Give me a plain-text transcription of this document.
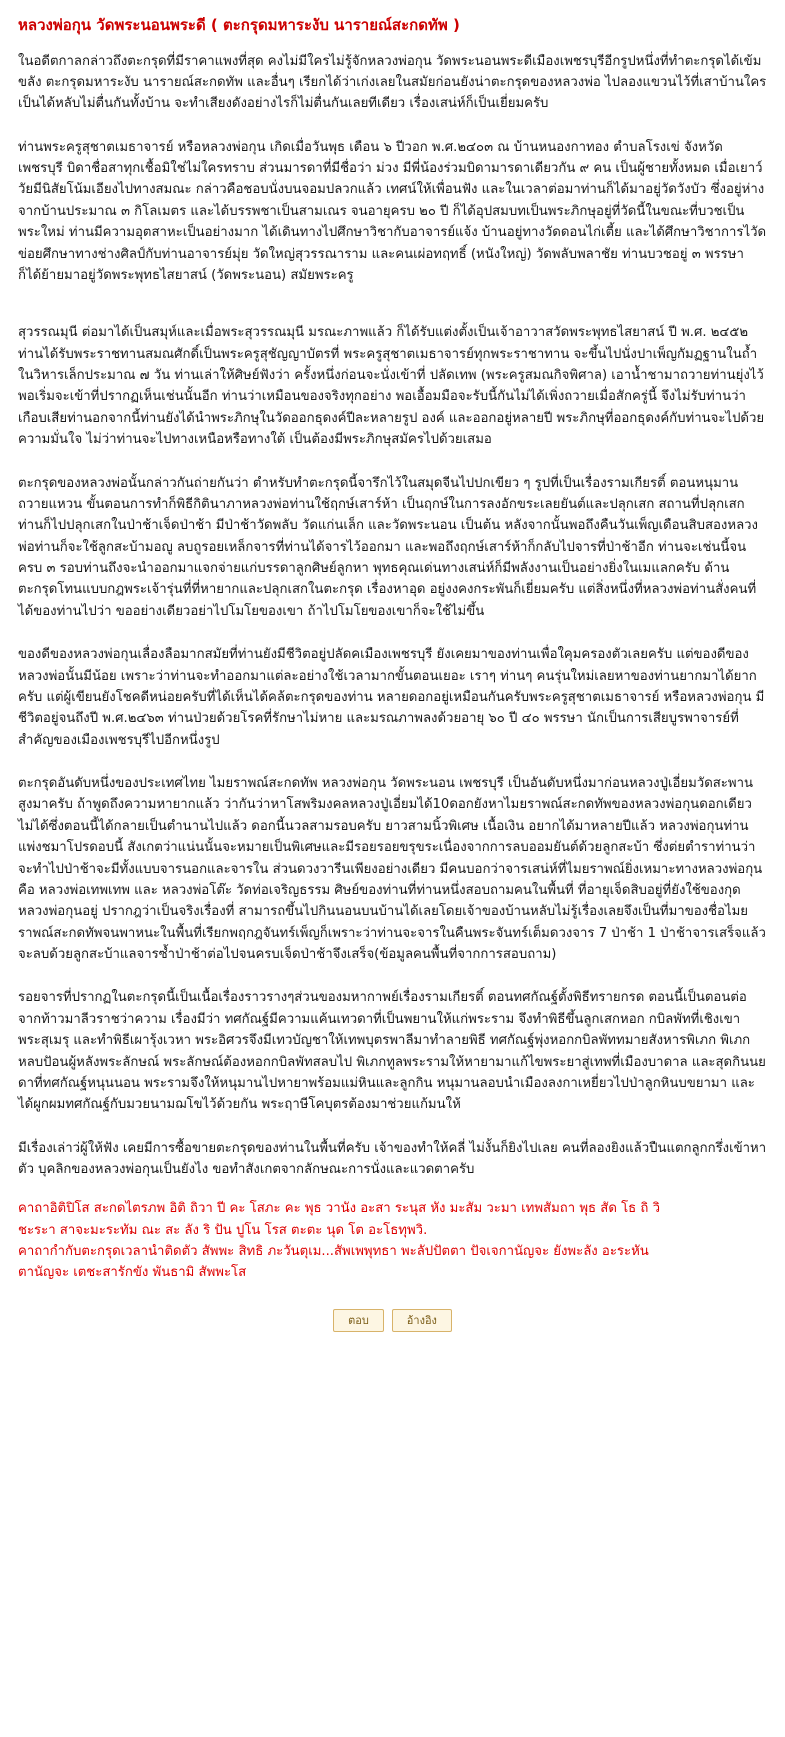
หลวงพ่อกุน วัดพระนอนพระดี ( ตะกรุดมหาระงับ นารายณ์สะกดทัพ )

ในอดีตกาลกล่าวถึงตะกรุดที่มีราคาแพงที่สุด คงไม่มีใครไม่รู้จักหลวงพ่อกุน วัดพระนอนพระดีเมืองเพชรบุรีอีกรูปหนึ่งที่ทำตะกรุดได้เข้มขลัง ตะกรุดมหาระงับ นารายณ์สะกดทัพ และอื่นๆ เรียกได้ว่าเก่งเลยในสมัยก่อนยังน่าตะกรุดของหลวงพ่อ ไปลองแขวนไว้ที่เสาบ้านใครเป็นได้หลับไม่ตื่นกันทั้งบ้าน จะทำเสียงดังอย่างไรก็ไม่ตื่นกันเลยทีเดียว เรื่องเสน่ห์ก็เป็นเยี่ยมครับ

ท่านพระครูสุชาตเมธาจารย์ หรือหลวงพ่อกุน เกิดเมื่อวันพุธ เดือน ๖ ปีวอก พ.ศ.๒๔๐๓ ณ บ้านหนองกาทอง ตำบลโรงเข่ จังหวัดเพชรบุรี บิดาชื่อสาทุกเชื้อมิใช่ไม่ใครทราบ ส่วนมารดาที่มีชื่อว่า ม่วง มีพี่น้องร่วมบิดามารดาเดียวกัน ๙ คน เป็นผู้ชายทั้งหมด เมื่อเยาว์วัยมีนิสัยโน้มเอียงไปทางสมณะ กล่าวคือชอบนั่งบนจอมปลวกแล้ว เทศน์ให้เพื่อนฟัง และในเวลาต่อมาท่านก็ได้มาอยู่วัดวังบัว ซึ่งอยู่ห่างจากบ้านประมาณ ๓ กิโลเมตร และได้บรรพชาเป็นสามเณร จนอายุครบ ๒๐ ปี ก็ได้อุปสมบทเป็นพระภิกษุอยู่ที่วัดนี้ในขณะที่บวชเป็นพระใหม่ ท่านมีความอุตสาหะเป็นอย่างมาก ได้เดินทางไปศึกษาวิชากับอาจารย์แจ้ง บ้านอยู่ทางวัดดอนไก่เตี้ย และได้ศึกษาวิชาการไวัดข่อยศึกษาทางช่างศิลป์กับท่านอาจารย์มุ่ย วัดใหญ่สุวรรณาราม และคนเผ่อทฤทธิ์ (หนังใหญ่) วัดพลับพลาชัย ท่านบวชอยู่ ๓ พรรษา ก็ได้ย้ายมาอยู่วัดพระพุทธไสยาสน์ (วัดพระนอน) สมัยพระครู

สุวรรณมุนี ต่อมาได้เป็นสมุห์และเมื่อพระสุวรรณมุนี มรณะภาพแล้ว ก็ได้รับแต่งตั้งเป็นเจ้าอาวาสวัดพระพุทธไสยาสน์ ปี พ.ศ. ๒๔๕๒ ท่านได้รับพระราชทานสมณศักดิ์เป็นพระครูสุชัญญาบัตรที่ พระครูสุชาตเมธาจารย์ทุกพระราชาทาน จะขึ้นไปนั่งปาเพ็ญกัมฏฐานในถ้ำ ในวิหารเล็กประมาณ ๗ วัน ท่านเล่าให้ศิษย์ฟังว่า ครั้งหนึ่งก่อนจะนั่งเข้าที่ ปลัดเทพ (พระครูสมณกิจพิศาล) เอาน้ำชามาถวายท่านยุ่งไว้ พอเริ่มจะเข้าที่ปรากฏเห็นเช่นนั้นอีก ท่านว่าเหมือนของจริงทุกอย่าง พอเอื้อมมือจะรับนี้กันไม่ได้เพิ่งถวายเมื่อสักครู่นี้ จึงไม่รับท่านว่าเกือบเสียท่านอกจากนี้ท่านยังได้นำพระภิกษุในวัดออกธุดงค์ปีละหลายรูป องค์ และออกอยู่หลายปี พระภิกษุที่ออกธุดงค์กับท่านจะไปด้วยความมั่นใจ ไม่ว่าท่านจะไปทางเหนือหรือทางใต้ เป็นต้องมีพระภิกษุสมัครไปด้วยเสมอ

ตะกรุดของหลวงพ่อนั้นกล่าวกันถ่ายกันว่า ตำหรับทำตะกรุดนี้จารึกไว้ในสมุดจีนไปปกเขียว ๆ รูปที่เป็นเรื่องรามเกียรติ์ ตอนหนุมานถวายแหวน ขั้นตอนการทำก็พิธีกิตินาภาหลวงพ่อท่านใช้ฤกษ์เสาร์ห้า เป็นฤกษ์ในการลงอักขระเลยยันต์และปลุกเสก สถานที่ปลุกเสกท่านก็ไปปลุกเสกในป่าช้าเจ็ดป่าช้า มีป่าช้าวัดพลับ วัดแก่นเล็ก และวัดพระนอน เป็นต้น หลังจากนั้นพอถึงคืนวันเพ็ญเดือนสิบสองหลวงพ่อท่านก็จะใช้ลูกสะบ้ามอญู ลบถูรอยเหล็กจารที่ท่านได้จารไว้ออกมา และพอถึงฤกษ์เสาร์ห้าก็กลับไปจารที่ป่าช้าอีก ท่านจะเช่นนี้จนครบ ๓ รอบท่านถึงจะนำออกมาแจกจ่ายแก่บรรดาลูกศิษย์ลูกหา พุทธคุณเด่นทางเสน่ห์ก็มีพลังงานเป็นอย่างยิ่งในเมแลกครับ ด้านตะกรุดโทนแบบกฎพระเจ้ารุ่นที่ที่หายากและปลุกเสกในตะกรุด เรื่องหาอุด อยู่งงคงกระพันก็เยี่ยมครับ แต่สิ่งหนึ่งที่หลวงพ่อท่านสั่งคนที่ได้ของท่านไปว่า ขออย่างเดียวอย่าไปโมโยของเขา ถ้าไปโมโยของเขาก็จะใช้ไม่ขึ้น

ของดีของหลวงพ่อกุนเลื่องลือมากสมัยที่ท่านยังมีชีวิตอยู่ปลัดคเมืองเพชรบุรี ยังเคยมาของท่านเพื่อใคุมครองตัวเลยครับ แต่ของดีของหลวงพ่อนั้นมีน้อย เพราะว่าท่านจะทำออกมาแต่ละอย่างใช้เวลามากขั้นตอนเยอะ เราๆ ท่านๆ คนรุ่นใหม่เลยหาของท่านยากมาได้ยากครับ แต่ผู้เขียนยังโชคดีหน่อยครับที่ได้เห็นได้คล้ตะกรุดของท่าน หลายดอกอยู่เหมือนกันครับพระครูสุชาตเมธาจารย์ หรือหลวงพ่อกุน มีชีวิตอยู่จนถึงปี พ.ศ.๒๔๖๓ ท่านป่วยด้วยโรคที่รักษาไม่หาย และมรณภาพลงด้วยอายุ ๖๐ ปี ๔๐ พรรษา นักเป็นการเสียบูรพาจารย์ที่สำคัญของเมืองเพชรบุรีไปอีกหนึ่งรูป

ตะกรุดอันดับหนึ่งของประเทศไทย ไมยราพณ์สะกดทัพ หลวงพ่อกุน วัดพระนอน เพชรบุรี เป็นอันดับหนึ่งมาก่อนหลวงปู่เอี่ยมวัดสะพานสูงมาครับ ถ้าพูดถึงความหายากแล้ว ว่ากันว่าหาโสพริมงคลหลวงปู่เอี่ยมได้10ดอกยังหาไมยราพณ์สะกดทัพของหลวงพ่อกุนดอกเดียวไม่ได้ซึ่งตอนนี้ได้กลายเป็นตำนานไปแล้ว ดอกนี้นวลสามรอบครับ ยาวสามนิ้วพิเศษ เนื้อเงิน อยากได้มาหลายปีแล้ว หลวงพ่อกุนท่านแพ่งชมาโปรดอบนี้ สังเกตว่าแน่นนั้นจะหมายเป็นพิเศษและมีรอยรอยขรุขระเนื่องจากการลบออมยันต์ด้วยลูกสะบ้า ซึ่งต่ยตำราท่านว่าจะทำไปป่าช้าจะมีทั้งแบบจารนอกและจารใน ส่วนดวงวารีนเพียงอย่างเดียว มีคนบอกว่าจารเสน่ห์ที่ไมยราพณ์ยิ่งเหมาะทางหลวงพ่อกุน คือ หลวงพ่อเทพเทพ และ หลวงพ่อโต๊ะ วัดท่อเจริญธรรม ศิษย์ของท่านที่ท่านหนึ่งสอบถามคนในพื้นที่ ที่อายุเจ็ดสิบอยู่ที่ยังใช้ของกุดหลวงพ่อกุนอยู่ ปรากฎว่าเป็นจริงเรื่องที่ สามารถขึ้นไปกินนอนบนบ้านได้เลยโดยเจ้าของบ้านหลับไม่รู้เรื่องเลยจึงเป็นที่มาของชื่อไมยราพณ์สะกดทัพจนพาหนะในพื้นที่เรียกพฤกฎจันทร์เพ็ญก็เพราะว่าท่านจะจารในคืนพระจันทร์เต็มดวงจาร 7 ป่าช้า 1 ป่าช้าจารเสร็จแล้วจะลบด้วยลูกสะบ้าแลจารซ้ำป่าช้าต่อไปจนครบเจ็ดป่าช้าจึงเสร็จ(ข้อมูลคนพื้นที่จากการสอบถาม)

รอยจารที่ปรากฏในตะกรุดนี้เป็นเนื้อเรื่องราวรางๆส่วนของมหากาพย์เรื่องรามเกียรติ์ ตอนทศกัณฐ์ตั้งพิธีทรายกรด ตอนนี้เป็นตอนต่อจากท้าวมาลีวราชว่าความ เรื่องมีว่า ทศกัณฐ์มีความแค้นเทวดาที่เป็นพยานให้แก่พระราม จึงทำพิธีขึ้นลูกเสกหอก กบิลพัทที่เชิงเขาพระสุเมรุ และทำพิธีเผารุ้งเวหา พระอิศวรจึงมีเทวบัญชาให้เทพบุตรพาลีมาทำลายพิธี ทศกัณฐ์พุ่งหอกกบิลพัททมายสังหารพิเภก พิเภกหลบปัอนผู้หลังพระลักษณ์ พระลักษณ์ต้องหอกกบิลพัทสลบไป พิเภกทูลพระรามให้หายามาแก้ไขพระยาสู่เทพที่เมืองบาดาล และสุดกินนยดาที่ทศกัณฐ์หนุนนอน พระรามจึงให้หนุมานไปหายาพร้อมแม่หินและลูกกิน หนุมานลอบนำเมืองลงกาเหยี่ยวไปป่าลูกหินบขยามา และได้ผูกผมทศกัณฐ์กับมวยนามฌโขไว้ด้วยกัน พระฤาษีโคบุตรต้องมาช่วยแก้มนให้

มีเรื่องเล่าว่ผู้ให้ฟัง เคยมีการซื้อขายตะกรุดของท่านในพื้นที่ครับ เจ้าของทำให้คลี่ ไม่งั้นก็ยิงไปเลย คนที่ลองยิงแล้วปืนแตกลูกกรึ่งเข้าหาตัว บุคลิกของหลวงพ่อกุนเป็นยังไง ขอทำสังเกตจากลักษณะการนั่งและแวดตาครับ

คาถาอิติปิโส สะกดไตรภพ อิติ ถิวา ปี คะ โสภะ คะ พุธ วานัง อะสา ระนุส หัง มะสัม วะมา เทพสัมถา พุธ สัด โธ ถิ วิ
ชะระา สาจะมะระทัม ณะ สะ ลัง ริ ปัน ปูโน โรส ตะตะ นุด โต อะโธทุพวิ.
คาถากำกับตะกรุดเวลานำติดตัว สัพพะ สิทธิ ภะวันตุเม...สัพเพพุทธา พะลัปปัตตา ปัจเจกานัญจะ ยังพะลัง อะระหัน
ตานัญจะ เตชะสารักขัง พันธามิ สัพพะโส
ตอบ	อ้างอิง
